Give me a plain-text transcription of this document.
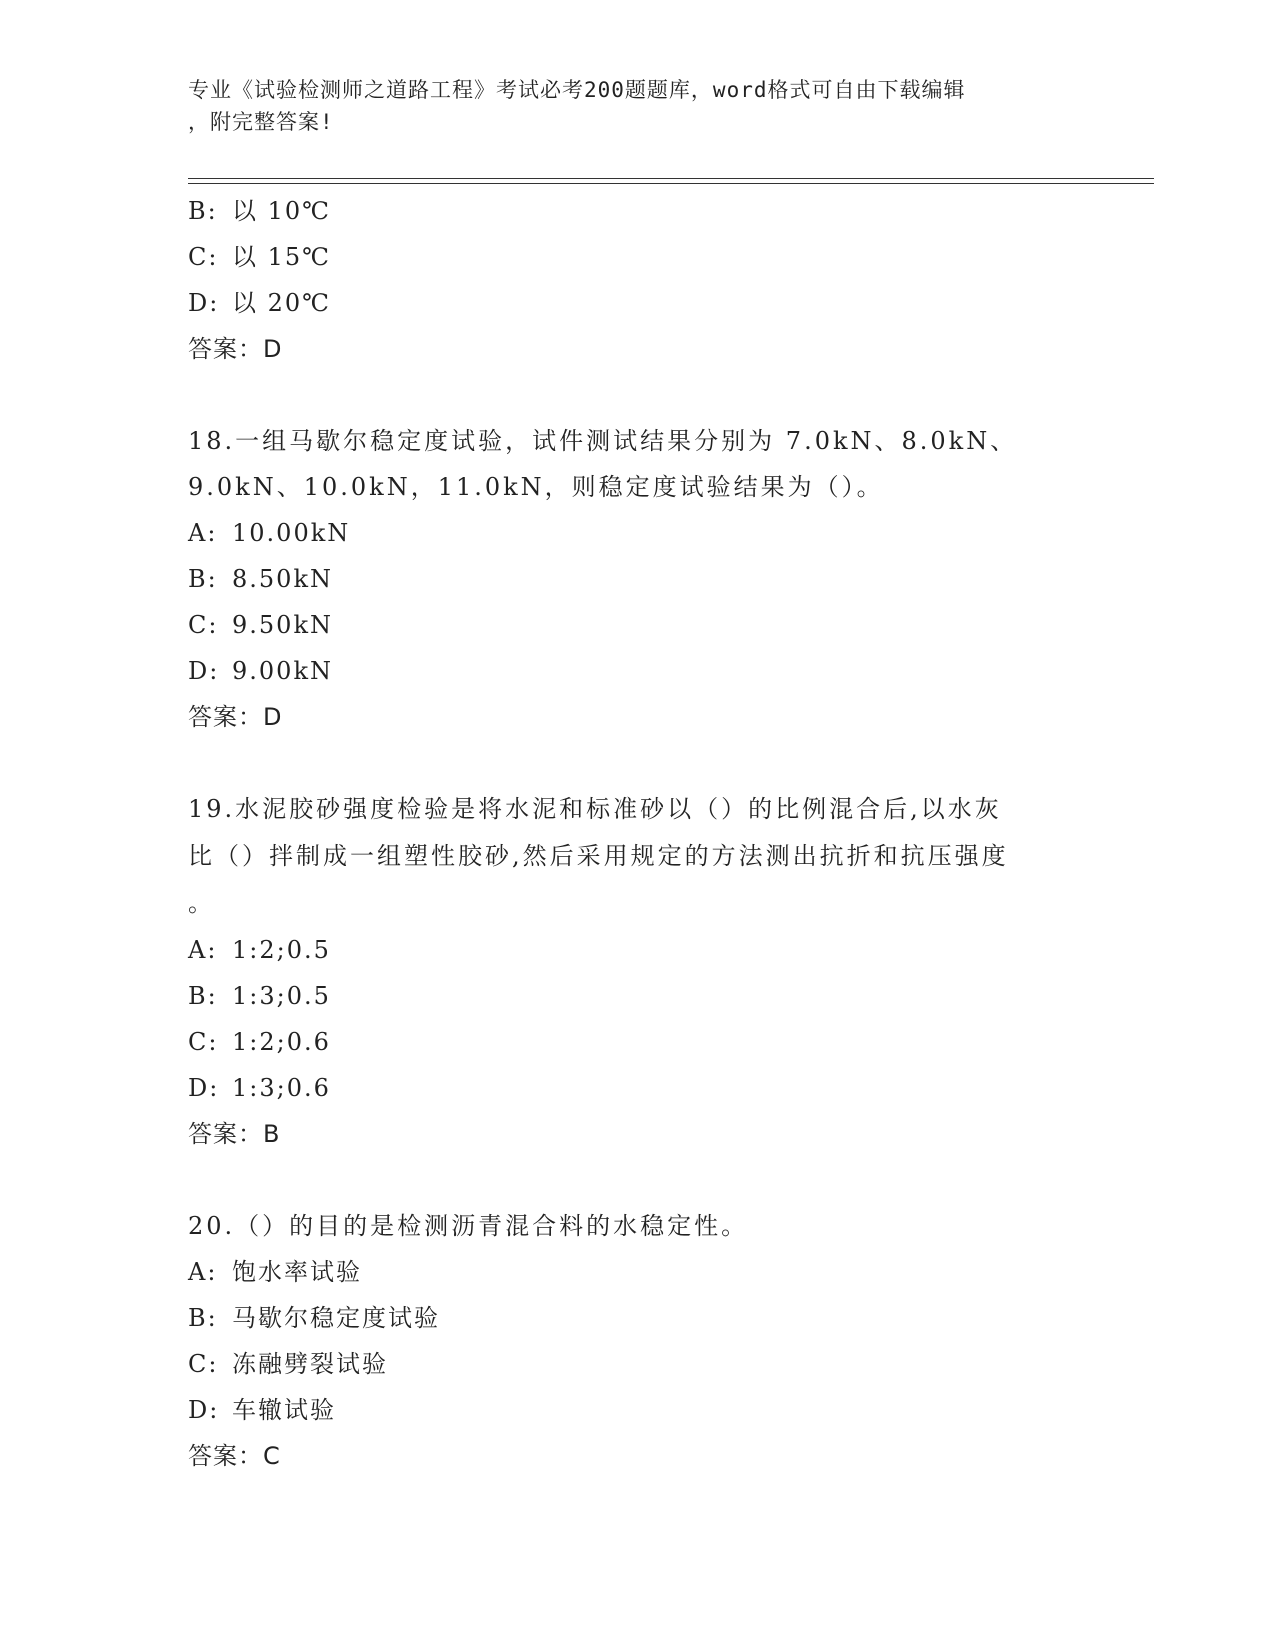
专业《试验检测师之道路工程》考试必考200题题库，word格式可自由下载编辑
，附完整答案!
B: 以 10℃
C: 以 15℃
D: 以 20℃
答案：D
18.一组马歇尔稳定度试验，试件测试结果分别为 7.0kN、8.0kN、
9.0kN、10.0kN，11.0kN，则稳定度试验结果为（）。
A: 10.00kN
B: 8.50kN
C: 9.50kN
D: 9.00kN
答案：D
19.水泥胶砂强度检验是将水泥和标准砂以（）的比例混合后,以水灰
比（）拌制成一组塑性胶砂,然后采用规定的方法测出抗折和抗压强度
。
A: 1:2;0.5
B: 1:3;0.5
C: 1:2;0.6
D: 1:3;0.6
答案：B
20.（）的目的是检测沥青混合料的水稳定性。
A: 饱水率试验
B: 马歇尔稳定度试验
C: 冻融劈裂试验
D: 车辙试验
答案：C
